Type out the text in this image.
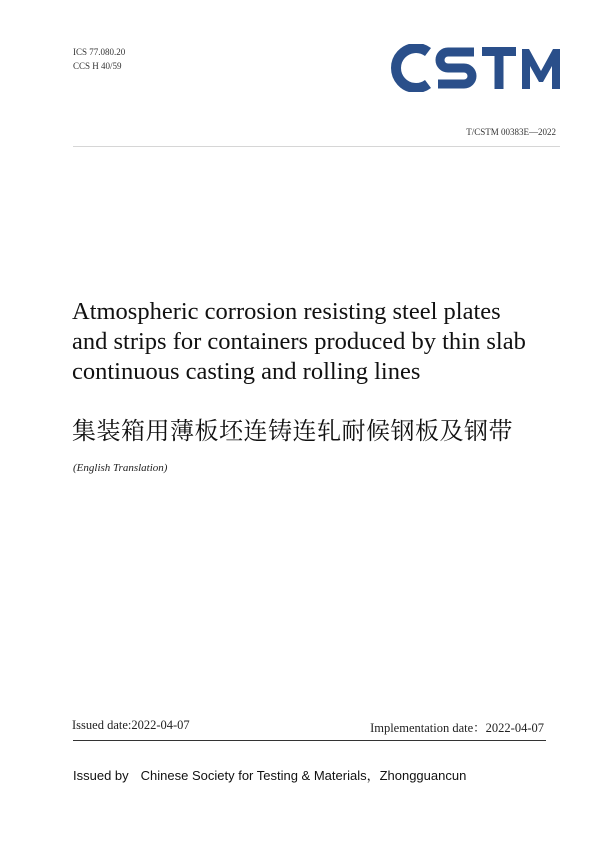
ICS 77.080.20
CCS H 40/59
T/CSTM 00383E—2022
Atmospheric corrosion resisting steel plates
and strips for containers produced by thin slab
continuous casting and rolling lines
集装箱用薄板坯连铸连轧耐候钢板及钢带
(English Translation)
Issued date:2022-04-07	Implementation date：2022-04-07
Issued by Chinese Society for Testing & Materials，Zhongguancun
